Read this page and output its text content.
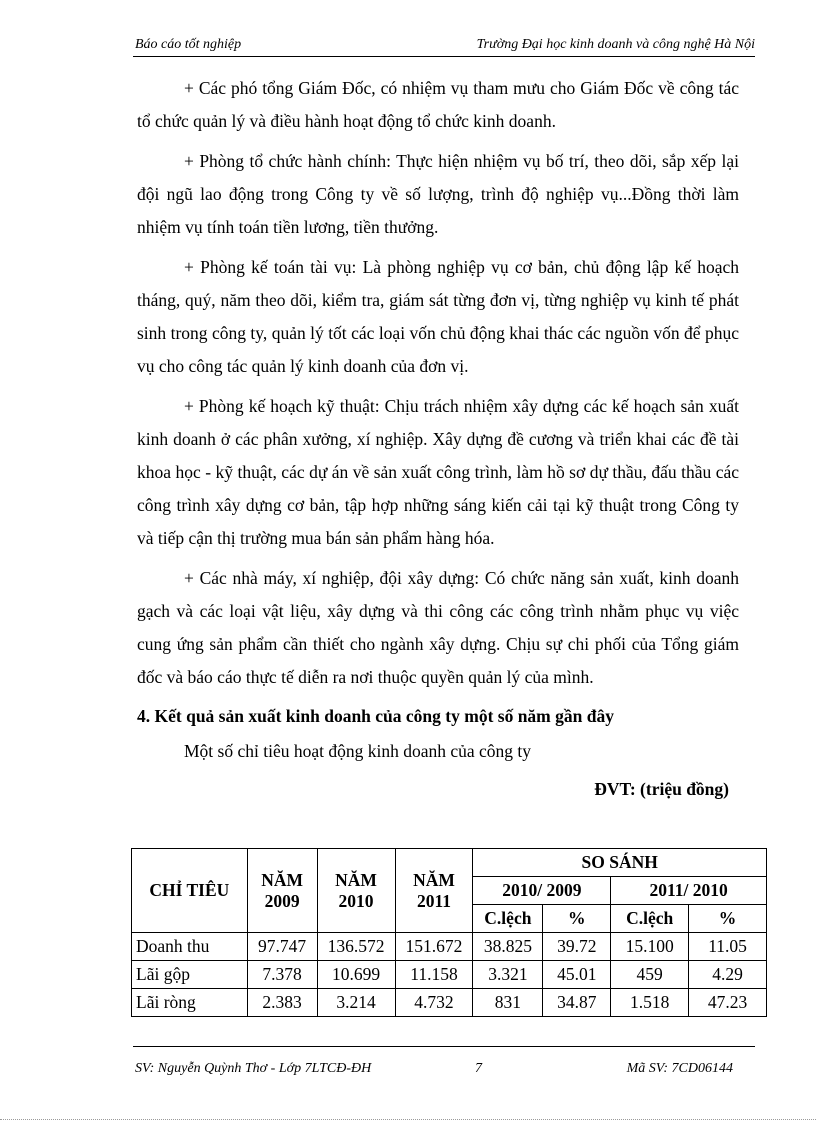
Báo cáo tốt nghiệp	Trường Đại học kinh doanh và công nghệ Hà Nội

+ Các phó tổng Giám Đốc, có nhiệm vụ tham mưu cho Giám Đốc về công tác tổ chức quản lý và điều hành hoạt động tổ chức kinh doanh.

+ Phòng tổ chức hành chính: Thực hiện nhiệm vụ bố trí, theo dõi, sắp xếp lại đội ngũ lao động trong Công ty về số lượng, trình độ nghiệp vụ...Đồng thời làm nhiệm vụ tính toán tiền lương, tiền thưởng.

+ Phòng kế toán tài vụ: Là phòng nghiệp vụ cơ bản, chủ động lập kế hoạch tháng, quý, năm theo dõi, kiểm tra, giám sát từng đơn vị, từng nghiệp vụ kinh tế phát sinh trong công ty, quản lý tốt các loại vốn chủ động khai thác các nguồn vốn để phục vụ cho công tác quản lý kinh doanh của đơn vị.

+ Phòng kế hoạch kỹ thuật: Chịu trách nhiệm xây dựng các kế hoạch sản xuất kinh doanh ở các phân xưởng, xí nghiệp. Xây dựng đề cương và triển khai các đề tài khoa học - kỹ thuật, các dự án về sản xuất công trình, làm hồ sơ dự thầu, đấu thầu các công trình xây dựng cơ bản, tập hợp những sáng kiến cải tại kỹ thuật trong Công ty và tiếp cận thị trường mua bán sản phẩm hàng hóa.

+ Các nhà máy, xí nghiệp, đội xây dựng: Có chức năng sản xuất, kinh doanh gạch và các loại vật liệu, xây dựng và thi công các công trình nhằm phục vụ việc cung ứng sản phẩm cần thiết cho ngành xây dựng. Chịu sự chi phối của Tổng giám đốc và báo cáo thực tế diễn ra nơi thuộc quyền quản lý của mình.

4. Kết quả sản xuất kinh doanh của công ty một số năm gần đây

Một số chỉ tiêu hoạt động kinh doanh của công ty

ĐVT: (triệu đồng)
CHỈ TIÊU	NĂM 2009	NĂM 2010	NĂM 2011	SO SÁNH			
				2010/ 2009		2011/ 2010	
				C.lệch	%	C.lệch	%
Doanh thu	97.747	136.572	151.672	38.825	39.72	15.100	11.05
Lãi gộp	7.378	10.699	11.158	3.321	45.01	459	4.29
Lãi ròng	2.383	3.214	4.732	831	34.87	1.518	47.23
SV: Nguyễn Quỳnh Thơ - Lớp 7LTCĐ-ĐH	7	Mã SV: 7CD06144
